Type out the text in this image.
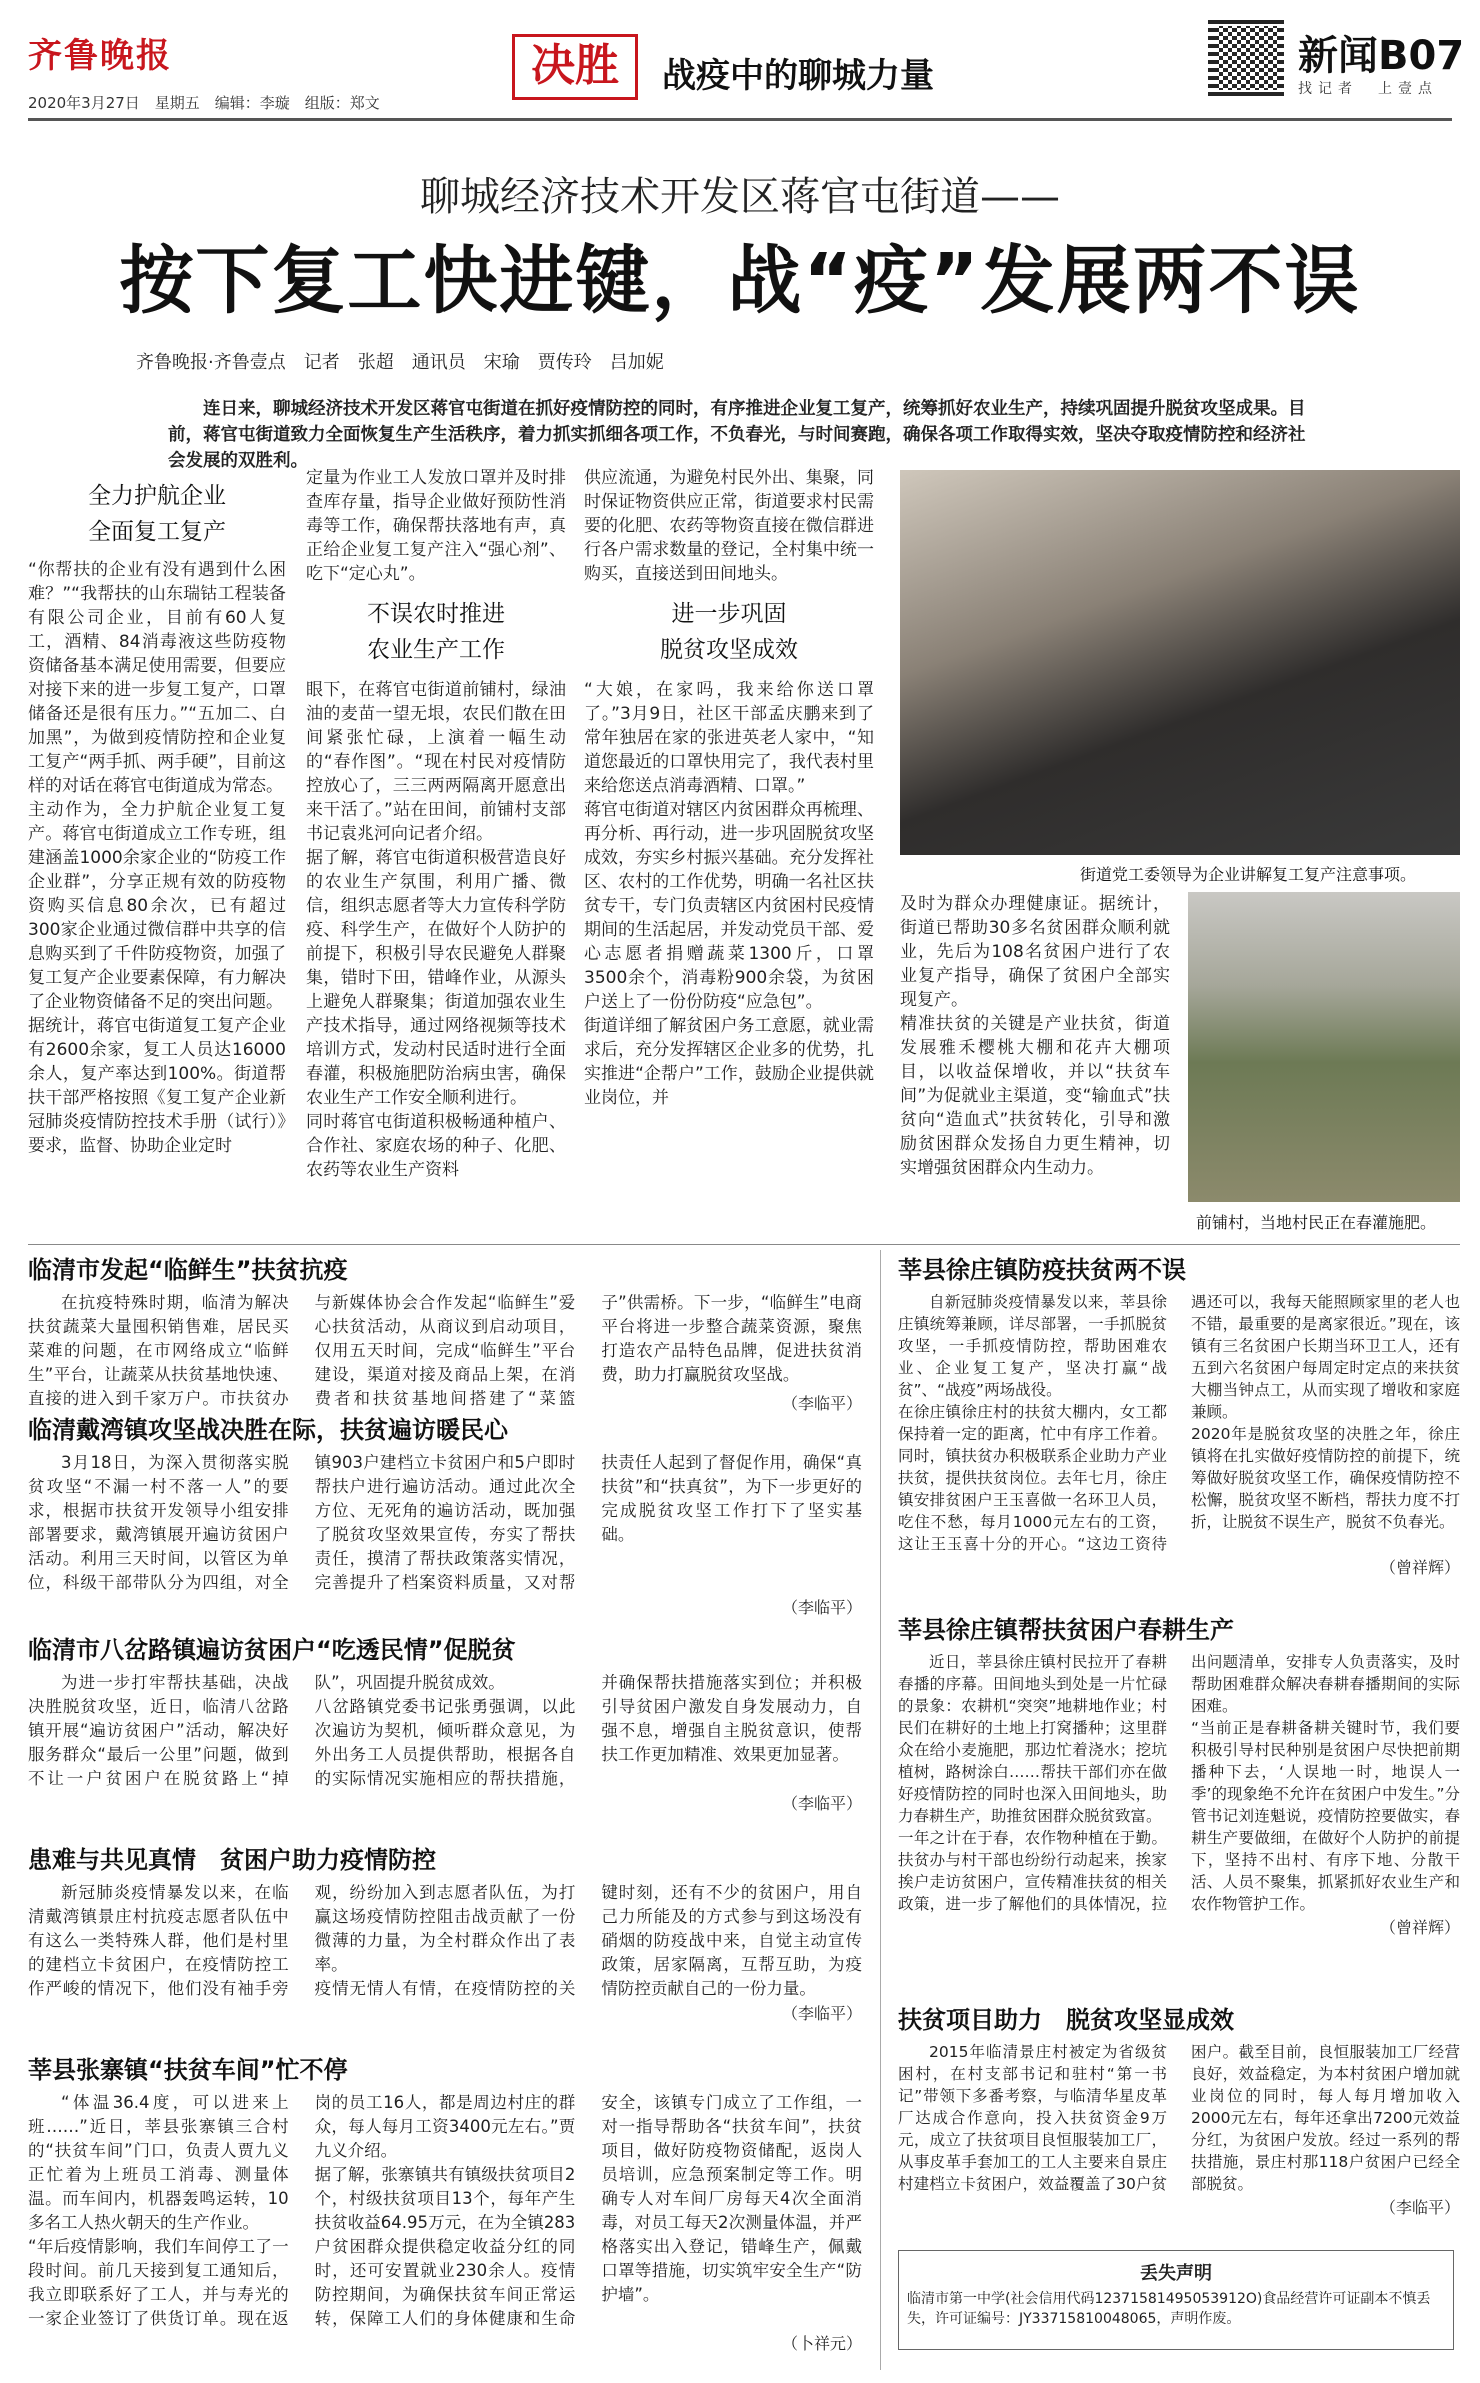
齐鲁晚报
2020年3月27日　星期五　编辑：李璇　组版：郑文
决胜	战疫中的聊城力量	新闻B07
找记者　上壹点
聊城经济技术开发区蒋官屯街道——
按下复工快进键，战“疫”发展两不误
齐鲁晚报·齐鲁壹点　记者　张超　通讯员　宋瑜　贾传玲　吕加妮
连日来，聊城经济技术开发区蒋官屯街道在抓好疫情防控的同时，有序推进企业复工复产，统筹抓好农业生产，持续巩固提升脱贫攻坚成果。目前，蒋官屯街道致力全面恢复生产生活秩序，着力抓实抓细各项工作，不负春光，与时间赛跑，确保各项工作取得实效，坚决夺取疫情防控和经济社会发展的双胜利。
全力护航企业
全面复工复产
“你帮扶的企业有没有遇到什么困难？”“我帮扶的山东瑞钴工程装备有限公司企业，目前有60人复工，酒精、84消毒液这些防疫物资储备基本满足使用需要，但要应对接下来的进一步复工复产，口罩储备还是很有压力。”“五加二、白加黑”，为做到疫情防控和企业复工复产“两手抓、两手硬”，目前这样的对话在蒋官屯街道成为常态。
主动作为，全力护航企业复工复产。蒋官屯街道成立工作专班，组建涵盖1000余家企业的“防疫工作企业群”，分享正规有效的防疫物资购买信息80余次，已有超过300家企业通过微信群中共享的信息购买到了千件防疫物资，加强了复工复产企业要素保障，有力解决了企业物资储备不足的突出问题。
据统计，蒋官屯街道复工复产企业有2600余家，复工人员达16000余人，复产率达到100%。街道帮扶干部严格按照《复工复产企业新冠肺炎疫情防控技术手册（试行）》要求，监督、协助企业定时
定量为作业工人发放口罩并及时排查库存量，指导企业做好预防性消毒等工作，确保帮扶落地有声，真正给企业复工复产注入“强心剂”、吃下“定心丸”。
不误农时推进
农业生产工作
眼下，在蒋官屯街道前铺村，绿油油的麦苗一望无垠，农民们散在田间紧张忙碌，上演着一幅生动的“春作图”。“现在村民对疫情防控放心了，三三两两隔离开愿意出来干活了。”站在田间，前铺村支部书记袁兆河向记者介绍。
据了解，蒋官屯街道积极营造良好的农业生产氛围，利用广播、微信，组织志愿者等大力宣传科学防疫、科学生产，在做好个人防护的前提下，积极引导农民避免人群聚集，错时下田，错峰作业，从源头上避免人群聚集；街道加强农业生产技术指导，通过网络视频等技术培训方式，发动村民适时进行全面春灌，积极施肥防治病虫害，确保农业生产工作安全顺利进行。
同时蒋官屯街道积极畅通种植户、合作社、家庭农场的种子、化肥、农药等农业生产资料
供应流通，为避免村民外出、集聚，同时保证物资供应正常，街道要求村民需要的化肥、农药等物资直接在微信群进行各户需求数量的登记，全村集中统一购买，直接送到田间地头。
进一步巩固
脱贫攻坚成效
“大娘，在家吗，我来给你送口罩了。”3月9日，社区干部孟庆鹏来到了常年独居在家的张进英老人家中，“知道您最近的口罩快用完了，我代表村里来给您送点消毒酒精、口罩。”
蒋官屯街道对辖区内贫困群众再梳理、再分析、再行动，进一步巩固脱贫攻坚成效，夯实乡村振兴基础。充分发挥社区、农村的工作优势，明确一名社区扶贫专干，专门负责辖区内贫困村民疫情期间的生活起居，并发动党员干部、爱心志愿者捐赠蔬菜1300斤，口罩3500余个，消毒粉900余袋，为贫困户送上了一份份防疫“应急包”。
街道详细了解贫困户务工意愿，就业需求后，充分发挥辖区企业多的优势，扎实推进“企帮户”工作，鼓励企业提供就业岗位，并
街道党工委领导为企业讲解复工复产注意事项。
及时为群众办理健康证。据统计，街道已帮助30多名贫困群众顺利就业，先后为108名贫困户进行了农业复产指导，确保了贫困户全部实现复产。
精准扶贫的关键是产业扶贫，街道发展雅禾樱桃大棚和花卉大棚项目，以收益保增收，并以“扶贫车间”为促就业主渠道，变“输血式”扶贫向“造血式”扶贫转化，引导和激励贫困群众发扬自力更生精神，切实增强贫困群众内生动力。
前铺村，当地村民正在春灌施肥。
临清市发起“临鲜生”扶贫抗疫
在抗疫特殊时期，临清为解决扶贫蔬菜大量囤积销售难，居民买菜难的问题，在市网络成立“临鲜生”平台，让蔬菜从扶贫基地快速、直接的进入到千家万户。市扶贫办与新媒体协会合作发起“临鲜生”爱心扶贫活动，从商议到启动项目，仅用五天时间，完成“临鲜生”平台建设，渠道对接及商品上架，在消费者和扶贫基地间搭建了“菜篮子”供需桥。下一步，“临鲜生”电商平台将进一步整合蔬菜资源，聚焦打造农产品特色品牌，促进扶贫消费，助力打赢脱贫攻坚战。
（李临平）
临清戴湾镇攻坚战决胜在际，扶贫遍访暖民心
3月18日，为深入贯彻落实脱贫攻坚“不漏一村不落一人”的要求，根据市扶贫开发领导小组安排部署要求，戴湾镇展开遍访贫困户活动。利用三天时间，以管区为单位，科级干部带队分为四组，对全镇903户建档立卡贫困户和5户即时帮扶户进行遍访活动。通过此次全方位、无死角的遍访活动，既加强了脱贫攻坚效果宣传，夯实了帮扶责任，摸清了帮扶政策落实情况，完善提升了档案资料质量，又对帮扶责任人起到了督促作用，确保“真扶贫”和“扶真贫”，为下一步更好的完成脱贫攻坚工作打下了坚实基础。
（李临平）
临清市八岔路镇遍访贫困户“吃透民情”促脱贫
为进一步打牢帮扶基础，决战决胜脱贫攻坚，近日，临清八岔路镇开展“遍访贫困户”活动，解决好服务群众“最后一公里”问题，做到不让一户贫困户在脱贫路上“掉队”，巩固提升脱贫成效。
八岔路镇党委书记张勇强调，以此次遍访为契机，倾听群众意见，为外出务工人员提供帮助，根据各自的实际情况实施相应的帮扶措施，并确保帮扶措施落实到位；并积极引导贫困户激发自身发展动力，自强不息，增强自主脱贫意识，使帮扶工作更加精准、效果更加显著。
（李临平）
患难与共见真情　贫困户助力疫情防控
新冠肺炎疫情暴发以来，在临清戴湾镇景庄村抗疫志愿者队伍中有这么一类特殊人群，他们是村里的建档立卡贫困户，在疫情防控工作严峻的情况下，他们没有袖手旁观，纷纷加入到志愿者队伍，为打赢这场疫情防控阻击战贡献了一份微薄的力量，为全村群众作出了表率。
疫情无情人有情，在疫情防控的关键时刻，还有不少的贫困户，用自己力所能及的方式参与到这场没有硝烟的防疫战中来，自觉主动宣传政策，居家隔离，互帮互助，为疫情防控贡献自己的一份力量。
（李临平）
莘县张寨镇“扶贫车间”忙不停
“体温36.4度，可以进来上班……”近日，莘县张寨镇三合村的“扶贫车间”门口，负责人贾九义正忙着为上班员工消毒、测量体温。而车间内，机器轰鸣运转，10多名工人热火朝天的生产作业。
“年后疫情影响，我们车间停工了一段时间。前几天接到复工通知后，我立即联系好了工人，并与寿光的一家企业签订了供货订单。现在返岗的员工16人，都是周边村庄的群众，每人每月工资3400元左右。”贾九义介绍。
据了解，张寨镇共有镇级扶贫项目2个，村级扶贫项目13个，每年产生扶贫收益64.95万元，在为全镇283户贫困群众提供稳定收益分红的同时，还可安置就业230余人。疫情防控期间，为确保扶贫车间正常运转，保障工人们的身体健康和生命安全，该镇专门成立了工作组，一对一指导帮助各“扶贫车间”，扶贫项目，做好防疫物资储配，返岗人员培训，应急预案制定等工作。明确专人对车间厂房每天4次全面消毒，对员工每天2次测量体温，并严格落实出入登记，错峰生产，佩戴口罩等措施，切实筑牢安全生产“防护墙”。
（卜祥元）
莘县徐庄镇防疫扶贫两不误
自新冠肺炎疫情暴发以来，莘县徐庄镇统筹兼顾，详尽部署，一手抓脱贫攻坚，一手抓疫情防控，帮助困难农业、企业复工复产，坚决打赢“战贫”、“战疫”两场战役。
在徐庄镇徐庄村的扶贫大棚内，女工都保持着一定的距离，忙中有序工作着。同时，镇扶贫办积极联系企业助力产业扶贫，提供扶贫岗位。去年七月，徐庄镇安排贫困户王玉喜做一名环卫人员，吃住不愁，每月1000元左右的工资，这让王玉喜十分的开心。“这边工资待遇还可以，我每天能照顾家里的老人也不错，最重要的是离家很近。”现在，该镇有三名贫困户长期当环卫工人，还有五到六名贫困户每周定时定点的来扶贫大棚当钟点工，从而实现了增收和家庭兼顾。
2020年是脱贫攻坚的决胜之年，徐庄镇将在扎实做好疫情防控的前提下，统筹做好脱贫攻坚工作，确保疫情防控不松懈，脱贫攻坚不断档，帮扶力度不打折，让脱贫不误生产，脱贫不负春光。
（曾祥辉）
莘县徐庄镇帮扶贫困户春耕生产
近日，莘县徐庄镇村民拉开了春耕春播的序幕。田间地头到处是一片忙碌的景象：农耕机“突突”地耕地作业；村民们在耕好的土地上打窝播种；这里群众在给小麦施肥，那边忙着浇水；挖坑植树，路树涂白……帮扶干部们亦在做好疫情防控的同时也深入田间地头，助力春耕生产，助推贫困群众脱贫致富。
一年之计在于春，农作物种植在于勤。扶贫办与村干部也纷纷行动起来，挨家挨户走访贫困户，宣传精准扶贫的相关政策，进一步了解他们的具体情况，拉出问题清单，安排专人负责落实，及时帮助困难群众解决春耕春播期间的实际困难。
“当前正是春耕备耕关键时节，我们要积极引导村民种别是贫困户尽快把前期播种下去，‘人误地一时，地误人一季’的现象绝不允许在贫困户中发生。”分管书记刘连魁说，疫情防控要做实，春耕生产要做细，在做好个人防护的前提下，坚持不出村、有序下地、分散干活、人员不聚集，抓紧抓好农业生产和农作物管护工作。
（曾祥辉）
扶贫项目助力　脱贫攻坚显成效
2015年临清景庄村被定为省级贫困村，在村支部书记和驻村“第一书记”带领下多番考察，与临清华星皮革厂达成合作意向，投入扶贫资金9万元，成立了扶贫项目良恒服装加工厂，从事皮革手套加工的工人主要来自景庄村建档立卡贫困户，效益覆盖了30户贫困户。截至目前，良恒服装加工厂经营良好，效益稳定，为本村贫困户增加就业岗位的同时，每人每月增加收入2000元左右，每年还拿出7200元效益分红，为贫困户发放。经过一系列的帮扶措施，景庄村那118户贫困户已经全部脱贫。
（李临平）
丢失声明
临清市第一中学(社会信用代码12371581495053912O)食品经营许可证副本不慎丢失，许可证编号：JY33715810048065，声明作废。
